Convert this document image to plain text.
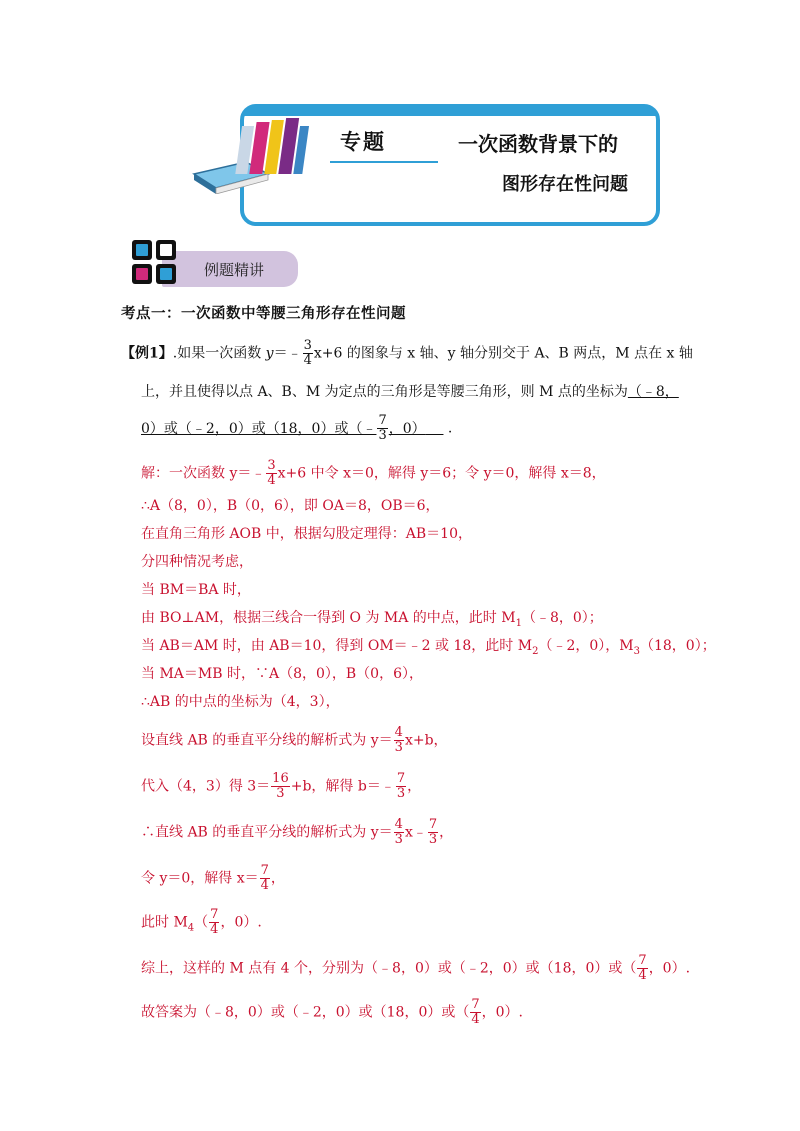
专题	一次函数背景下的
图形存在性问题
例题精讲
考点一：一次函数中等腰三角形存在性问题
【例1】.如果一次函数 y＝﹣ $\frac{3}{4} x+6$ 的图象与 x 轴、y 轴分别交于 A、B 两点，M 点在 x 轴
上，并且使得以点 A、B、M 为定点的三角形是等腰三角形，则 M 点的坐标为（﹣8，
0）或（﹣2，0）或（18，0）或（﹣ $\frac{7}{3}$ ，0） .
解：一次函数 y＝﹣ $\frac{3}{4} x+6$ 中令 x＝0，解得 y＝6；令 y＝0，解得 x＝8，
∴A（8，0），B（0，6），即 OA＝8，OB＝6，
在直角三角形 AOB 中，根据勾股定理得：AB＝10，
分四种情况考虑，
当 BM＝BA 时，
由 BO⊥AM，根据三线合一得到 O 为 MA 的中点，此时 $M_1(﹣8$，0）；
当 AB＝AM 时，由 AB＝10，得到 OM＝﹣2 或 18，此时 $M_2(﹣2$，0），$M_3(18$，0）；
当 MA＝MB 时，∵A（8，0），B（0，6），
∴AB 的中点的坐标为（4，3），
设直线 AB 的垂直平分线的解析式为 $y= \frac{4}{3} x+b$，
代入（4，3）得 $3= \frac{16}{3} +b$，解得 b＝﹣ $\frac{7}{3}$ ，
∴直线 AB 的垂直平分线的解析式为 $y= \frac{4}{3}$ x﹣ $\frac{7}{3}$ ，
令 y＝0，解得 $x= \frac{7}{4}$ ，
此时 $M_4( \frac{7}{4}$ ，0）.
综上，这样的 M 点有 4 个，分别为（﹣8，0）或（﹣2，0）或（18，0）或（ $\frac{7}{4}$ ，0）.
故答案为（﹣8，0）或（﹣2，0）或（18，0）或（ $\frac{7}{4}$ ，0）.
